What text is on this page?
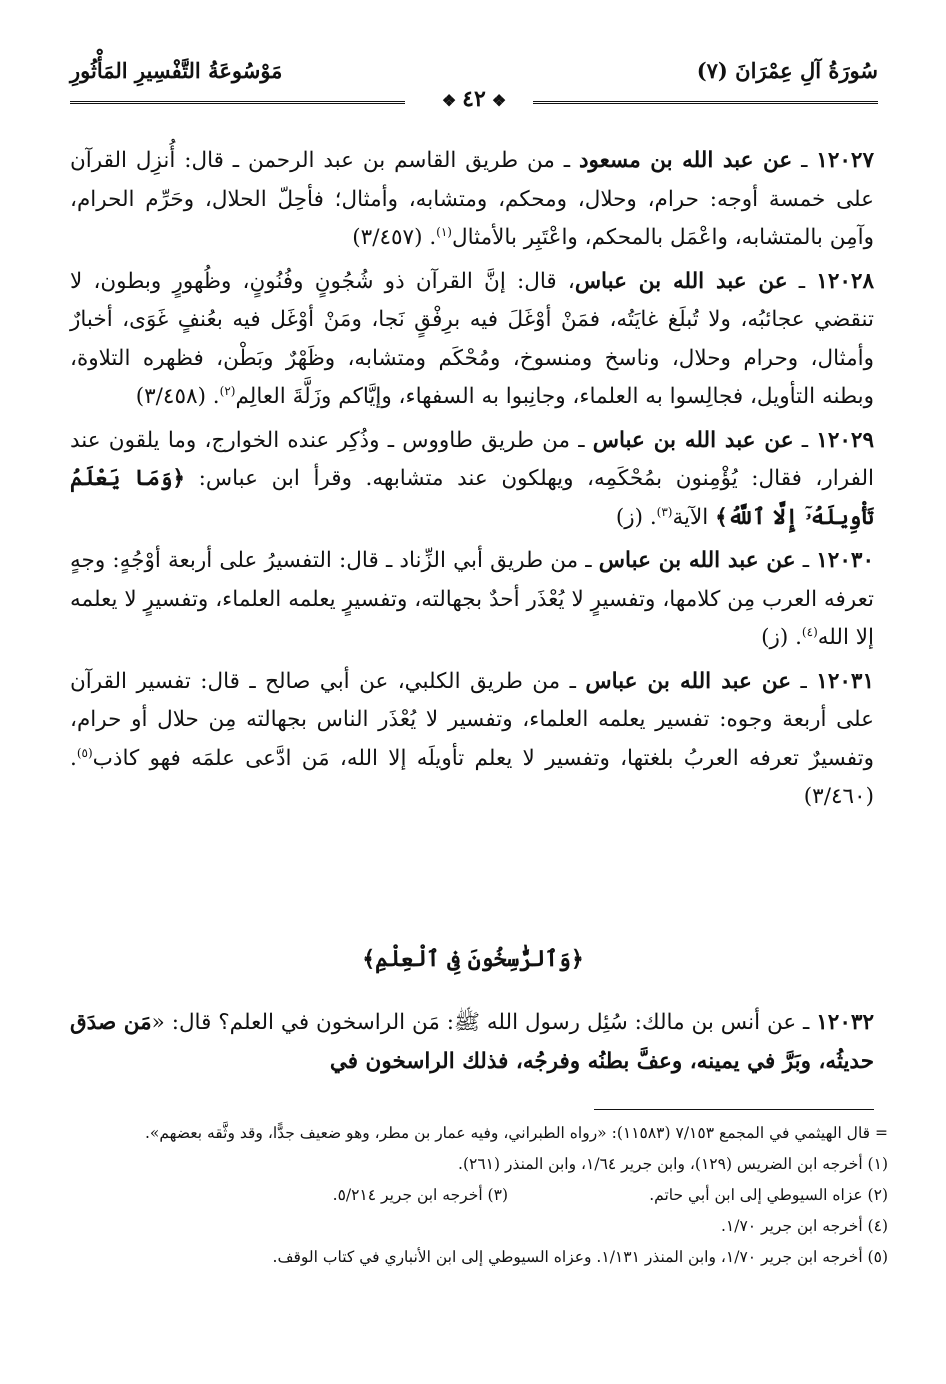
سُورَةُ آلِ عِمْرَانَ (٧)
مَوْسُوعَةُ التَّفْسِيرِ المَأْثُورِ
❖٤٢❖

١٢٠٢٧ ـ عن عبد الله بن مسعود ـ من طريق القاسم بن عبد الرحمن ـ قال: أُنزِل القرآن على خمسة أوجه: حرام، وحلال، ومحكم، ومتشابه، وأمثال؛ فأحِلّ الحلال، وحَرِّم الحرام، وآمِن بالمتشابه، واعْمَل بالمحكم، واعْتَبِر بالأمثال$^{(١)}$. (٣/٤٥٧)

١٢٠٢٨ ـ عن عبد الله بن عباس، قال: إنَّ القرآن ذو شُجُونٍ وفُنُونٍ، وظُهورٍ وبطون، لا تنقضي عجائبُه، ولا تُبلَغ غايَتُه، فمَنْ أوْغَلَ فيه برِفْقٍ نَجا، ومَنْ أوْغَل فيه بعُنفٍ غَوَى، أخبارٌ وأمثال، وحرام وحلال، وناسخ ومنسوخ، ومُحْكَم ومتشابه، وظَهْرٌ وبَطْن، فظهره التلاوة، وبطنه التأويل، فجالِسوا به العلماء، وجانِبوا به السفهاء، وإيَّاكم وزَلَّةَ العالِم$^{(٢)}$. (٣/٤٥٨)

١٢٠٢٩ ـ عن عبد الله بن عباس ـ من طريق طاووس ـ وذُكِر عنده الخوارج، وما يلقون عند الفرار، فقال: يُؤْمِنون بمُحْكَمِه، ويهلكون عند متشابهه. وقرأ ابن عباس: ﴿وَمَا يَعْلَمُ تَأْوِيلَهُۥٓ إِلَّا ٱللَّهُ﴾ الآية$^{(٣)}$. (ز)

١٢٠٣٠ ـ عن عبد الله بن عباس ـ من طريق أبي الزِّناد ـ قال: التفسيرُ على أربعة أوْجُهٍ: وجهٍ تعرفه العرب مِن كلامها، وتفسيرٍ لا يُعْذَر أحدٌ بجهالته، وتفسيرٍ يعلمه العلماء، وتفسيرٍ لا يعلمه إلا الله$^{(٤)}$. (ز)

١٢٠٣١ ـ عن عبد الله بن عباس ـ من طريق الكلبي، عن أبي صالح ـ قال: تفسير القرآن على أربعة وجوه: تفسير يعلمه العلماء، وتفسير لا يُعْذَر الناس بجهالته مِن حلال أو حرام، وتفسيرٌ تعرفه العربُ بلغتها، وتفسير لا يعلم تأويلَه إلا الله، مَن ادَّعى علمَه فهو كاذب$^{(٥)}$. (٣/٤٦٠)

﴿وَٱلرَّٰسِخُونَ فِى ٱلْعِلْمِ﴾

١٢٠٣٢ ـ عن أنس بن مالك: سُئِل رسول الله ﷺ: مَن الراسخون في العلم؟ قال: «مَن صدَق حديثُه، وبَرَّ في يمينه، وعفَّ بطنُه وفرجُه، فذلك الراسخون في

= قال الهيثمي في المجمع ٧/١٥٣ (١١٥٨٣): «رواه الطبراني، وفيه عمار بن مطر، وهو ضعيف جدًّا، وقد وثَّقه بعضهم».

(١) أخرجه ابن الضريس (١٢٩)، وابن جرير ١/٦٤، وابن المنذر (٢٦١).

(٢) عزاه السيوطي إلى ابن أبي حاتم.

(٣) أخرجه ابن جرير ٥/٢١٤.

(٤) أخرجه ابن جرير ١/٧٠.

(٥) أخرجه ابن جرير ١/٧٠، وابن المنذر ١/١٣١. وعزاه السيوطي إلى ابن الأنباري في كتاب الوقف.
